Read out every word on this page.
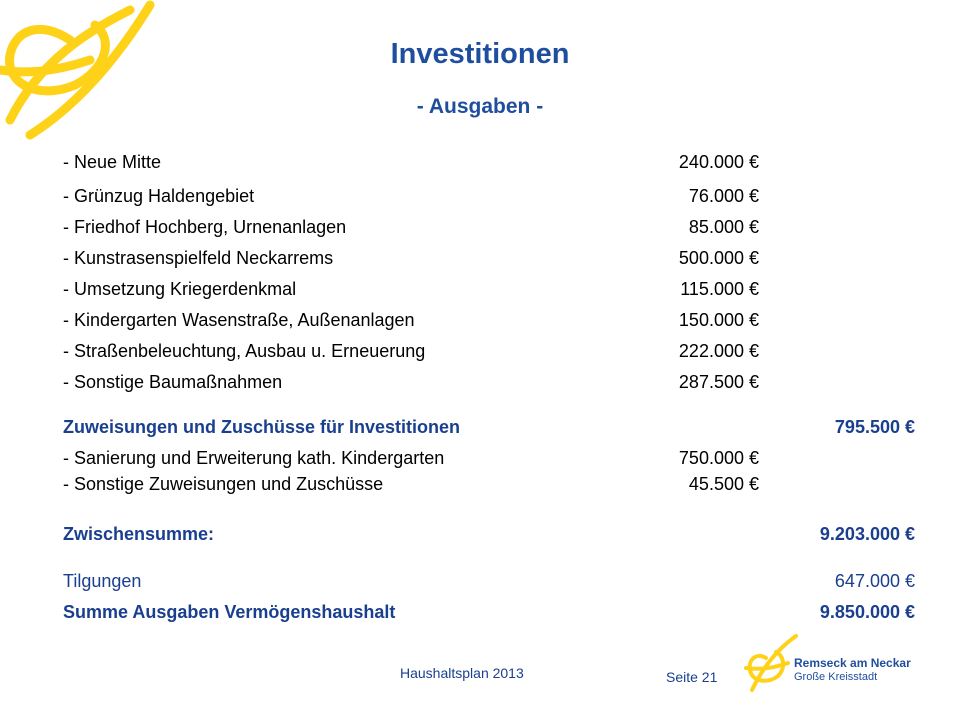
Investitionen
- Ausgaben -
- Neue Mitte	240.000 €
- Grünzug Haldengebiet	76.000 €
- Friedhof Hochberg, Urnenanlagen	85.000 €
- Kunstrasenspielfeld Neckarrems	500.000 €
- Umsetzung Kriegerdenkmal	115.000 €
- Kindergarten Wasenstraße, Außenanlagen	150.000 €
- Straßenbeleuchtung, Ausbau u. Erneuerung	222.000 €
- Sonstige Baumaßnahmen	287.500 €
Zuweisungen und Zuschüsse für Investitionen	795.500 €
- Sanierung und Erweiterung kath. Kindergarten	750.000 €
- Sonstige Zuweisungen und Zuschüsse	45.500 €
Zwischensumme:	9.203.000 €
Tilgungen	647.000 €
Summe Ausgaben Vermögenshaushalt	9.850.000 €
Haushaltsplan 2013	Seite 21
Remseck am Neckar
Große Kreisstadt
